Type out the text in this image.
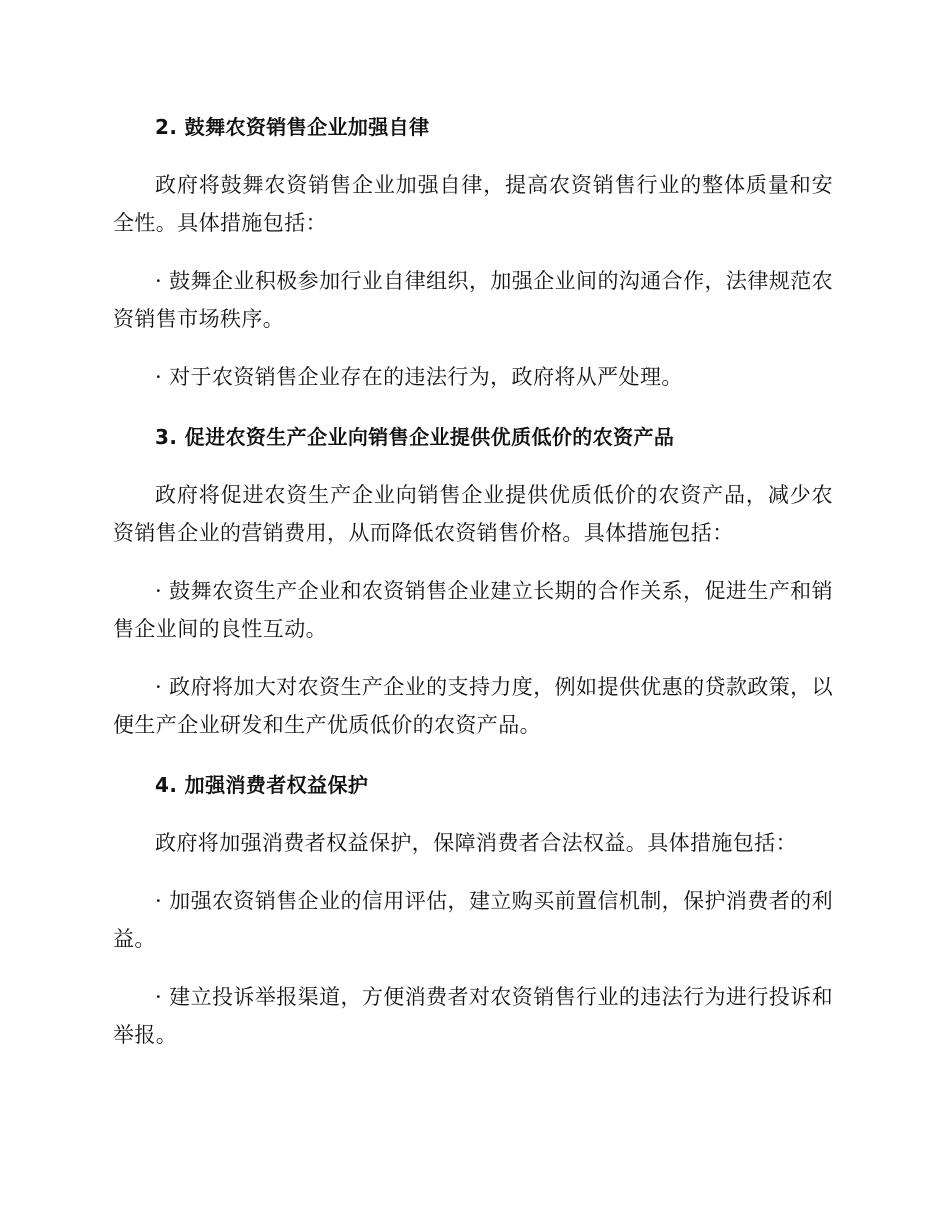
2. 鼓舞农资销售企业加强自律

政府将鼓舞农资销售企业加强自律，提高农资销售行业的整体质量和安全性。具体措施包括：

· 鼓舞企业积极参加行业自律组织，加强企业间的沟通合作，法律规范农资销售市场秩序。

· 对于农资销售企业存在的违法行为，政府将从严处理。

3. 促进农资生产企业向销售企业提供优质低价的农资产品

政府将促进农资生产企业向销售企业提供优质低价的农资产品，减少农资销售企业的营销费用，从而降低农资销售价格。具体措施包括：

· 鼓舞农资生产企业和农资销售企业建立长期的合作关系，促进生产和销售企业间的良性互动。

· 政府将加大对农资生产企业的支持力度，例如提供优惠的贷款政策，以便生产企业研发和生产优质低价的农资产品。

4. 加强消费者权益保护

政府将加强消费者权益保护，保障消费者合法权益。具体措施包括：

· 加强农资销售企业的信用评估，建立购买前置信机制，保护消费者的利益。

· 建立投诉举报渠道，方便消费者对农资销售行业的违法行为进行投诉和举报。
